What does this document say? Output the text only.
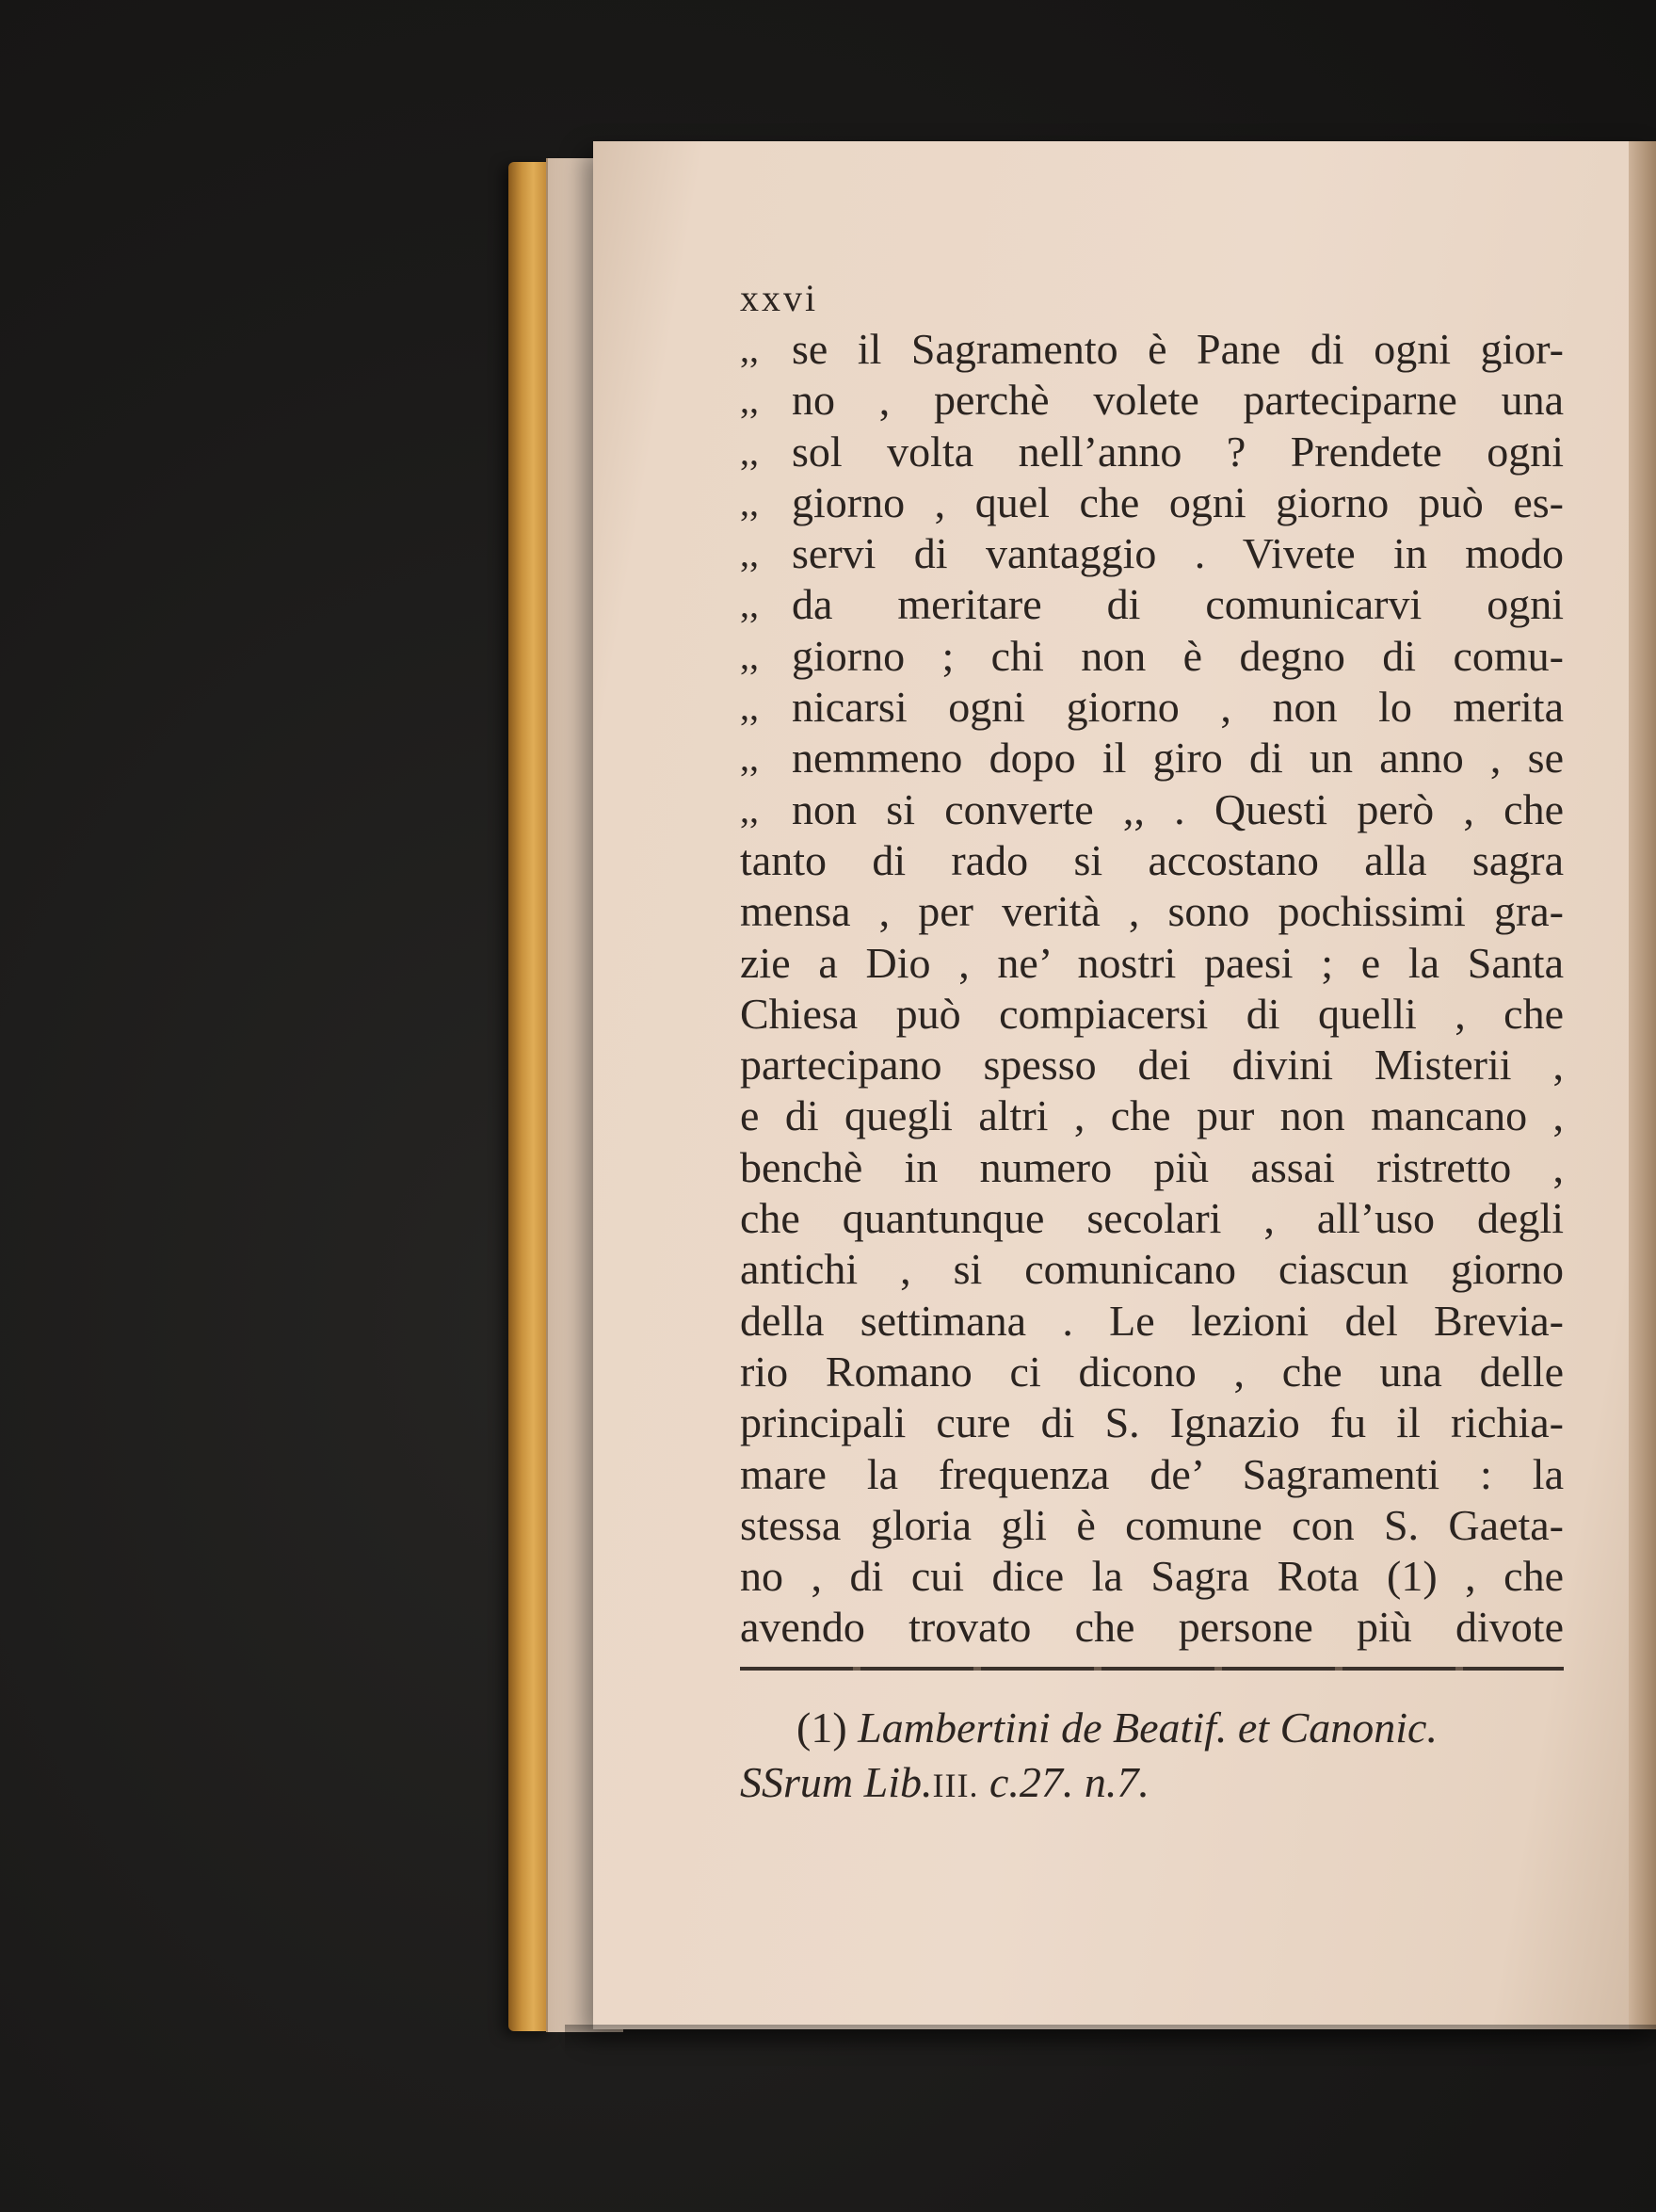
xxvi
,, se il Sagramento è Pane di ogni gior-
,, no , perchè volete parteciparne una
,, sol volta nell’anno ? Prendete ogni
,, giorno , quel che ogni giorno può es-
,, servi di vantaggio . Vivete in modo
,, da meritare di comunicarvi ogni
,, giorno ; chi non è degno di comu-
,, nicarsi ogni giorno , non lo merita
,, nemmeno dopo il giro di un anno , se
,, non si converte ,, . Questi però , che
tanto di rado si accostano alla sagra
mensa , per verità , sono pochissimi gra-
zie a Dio , ne’ nostri paesi ; e la Santa
Chiesa può compiacersi di quelli , che
partecipano spesso dei divini Misterii ,
e di quegli altri , che pur non mancano ,
benchè in numero più assai ristretto ,
che quantunque secolari , all’uso degli
antichi , si comunicano ciascun giorno
della settimana . Le lezioni del Brevia-
rio Romano ci dicono , che una delle
principali cure di S. Ignazio fu il richia-
mare la frequenza de’ Sagramenti : la
stessa gloria gli è comune con S. Gaeta-
no , di cui dice la Sagra Rota (1) , che
avendo trovato che persone più divote
(1) Lambertini de Beatif. et Canonic.
SSrum Lib.III. c.27. n.7.
